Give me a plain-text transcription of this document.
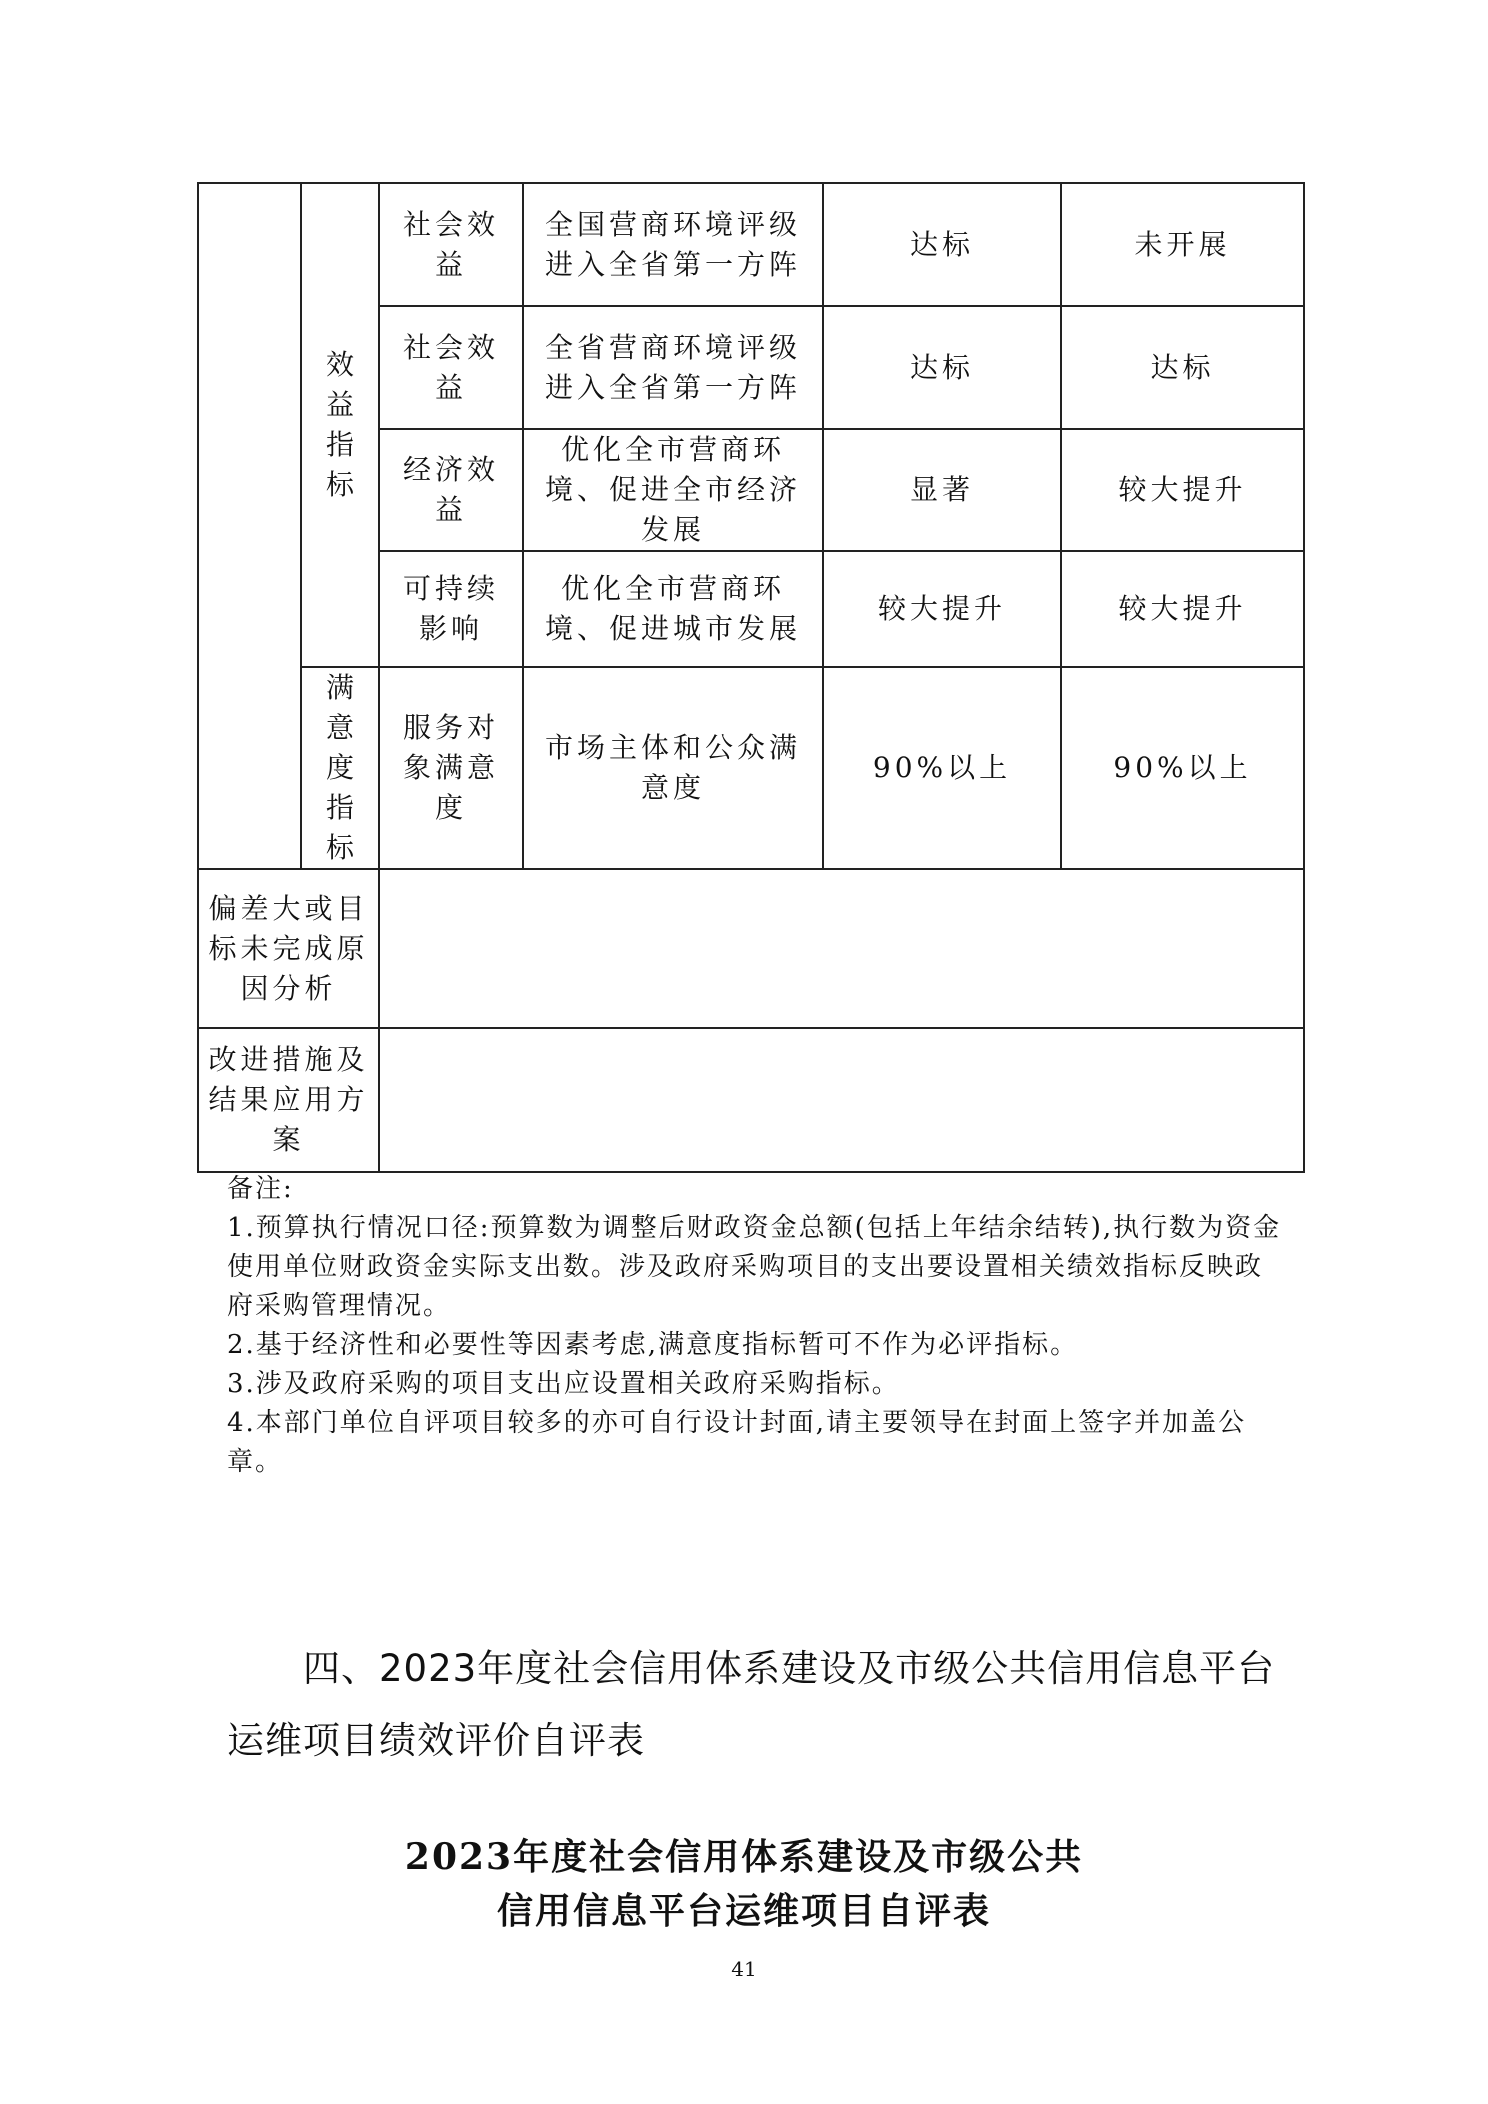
	效益指标	社会效益	全国营商环境评级进入全省第一方阵	达标	未开展
		社会效益	全省营商环境评级进入全省第一方阵	达标	达标
		经济效益	优化全市营商环境、促进全市经济发展	显著	较大提升
		可持续影响	优化全市营商环境、促进城市发展	较大提升	较大提升
	满意度指标	服务对象满意度	市场主体和公众满意度	90%以上	90%以上
偏差大或目标未完成原因分析					
改进措施及结果应用方案					
备注:
1.预算执行情况口径:预算数为调整后财政资金总额(包括上年结余结转),执行数为资金使用单位财政资金实际支出数。涉及政府采购项目的支出要设置相关绩效指标反映政府采购管理情况。
2.基于经济性和必要性等因素考虑,满意度指标暂可不作为必评指标。
3.涉及政府采购的项目支出应设置相关政府采购指标。
4.本部门单位自评项目较多的亦可自行设计封面,请主要领导在封面上签字并加盖公章。
四、2023年度社会信用体系建设及市级公共信用信息平台运维项目绩效评价自评表
2023年度社会信用体系建设及市级公共
信用信息平台运维项目自评表
41
